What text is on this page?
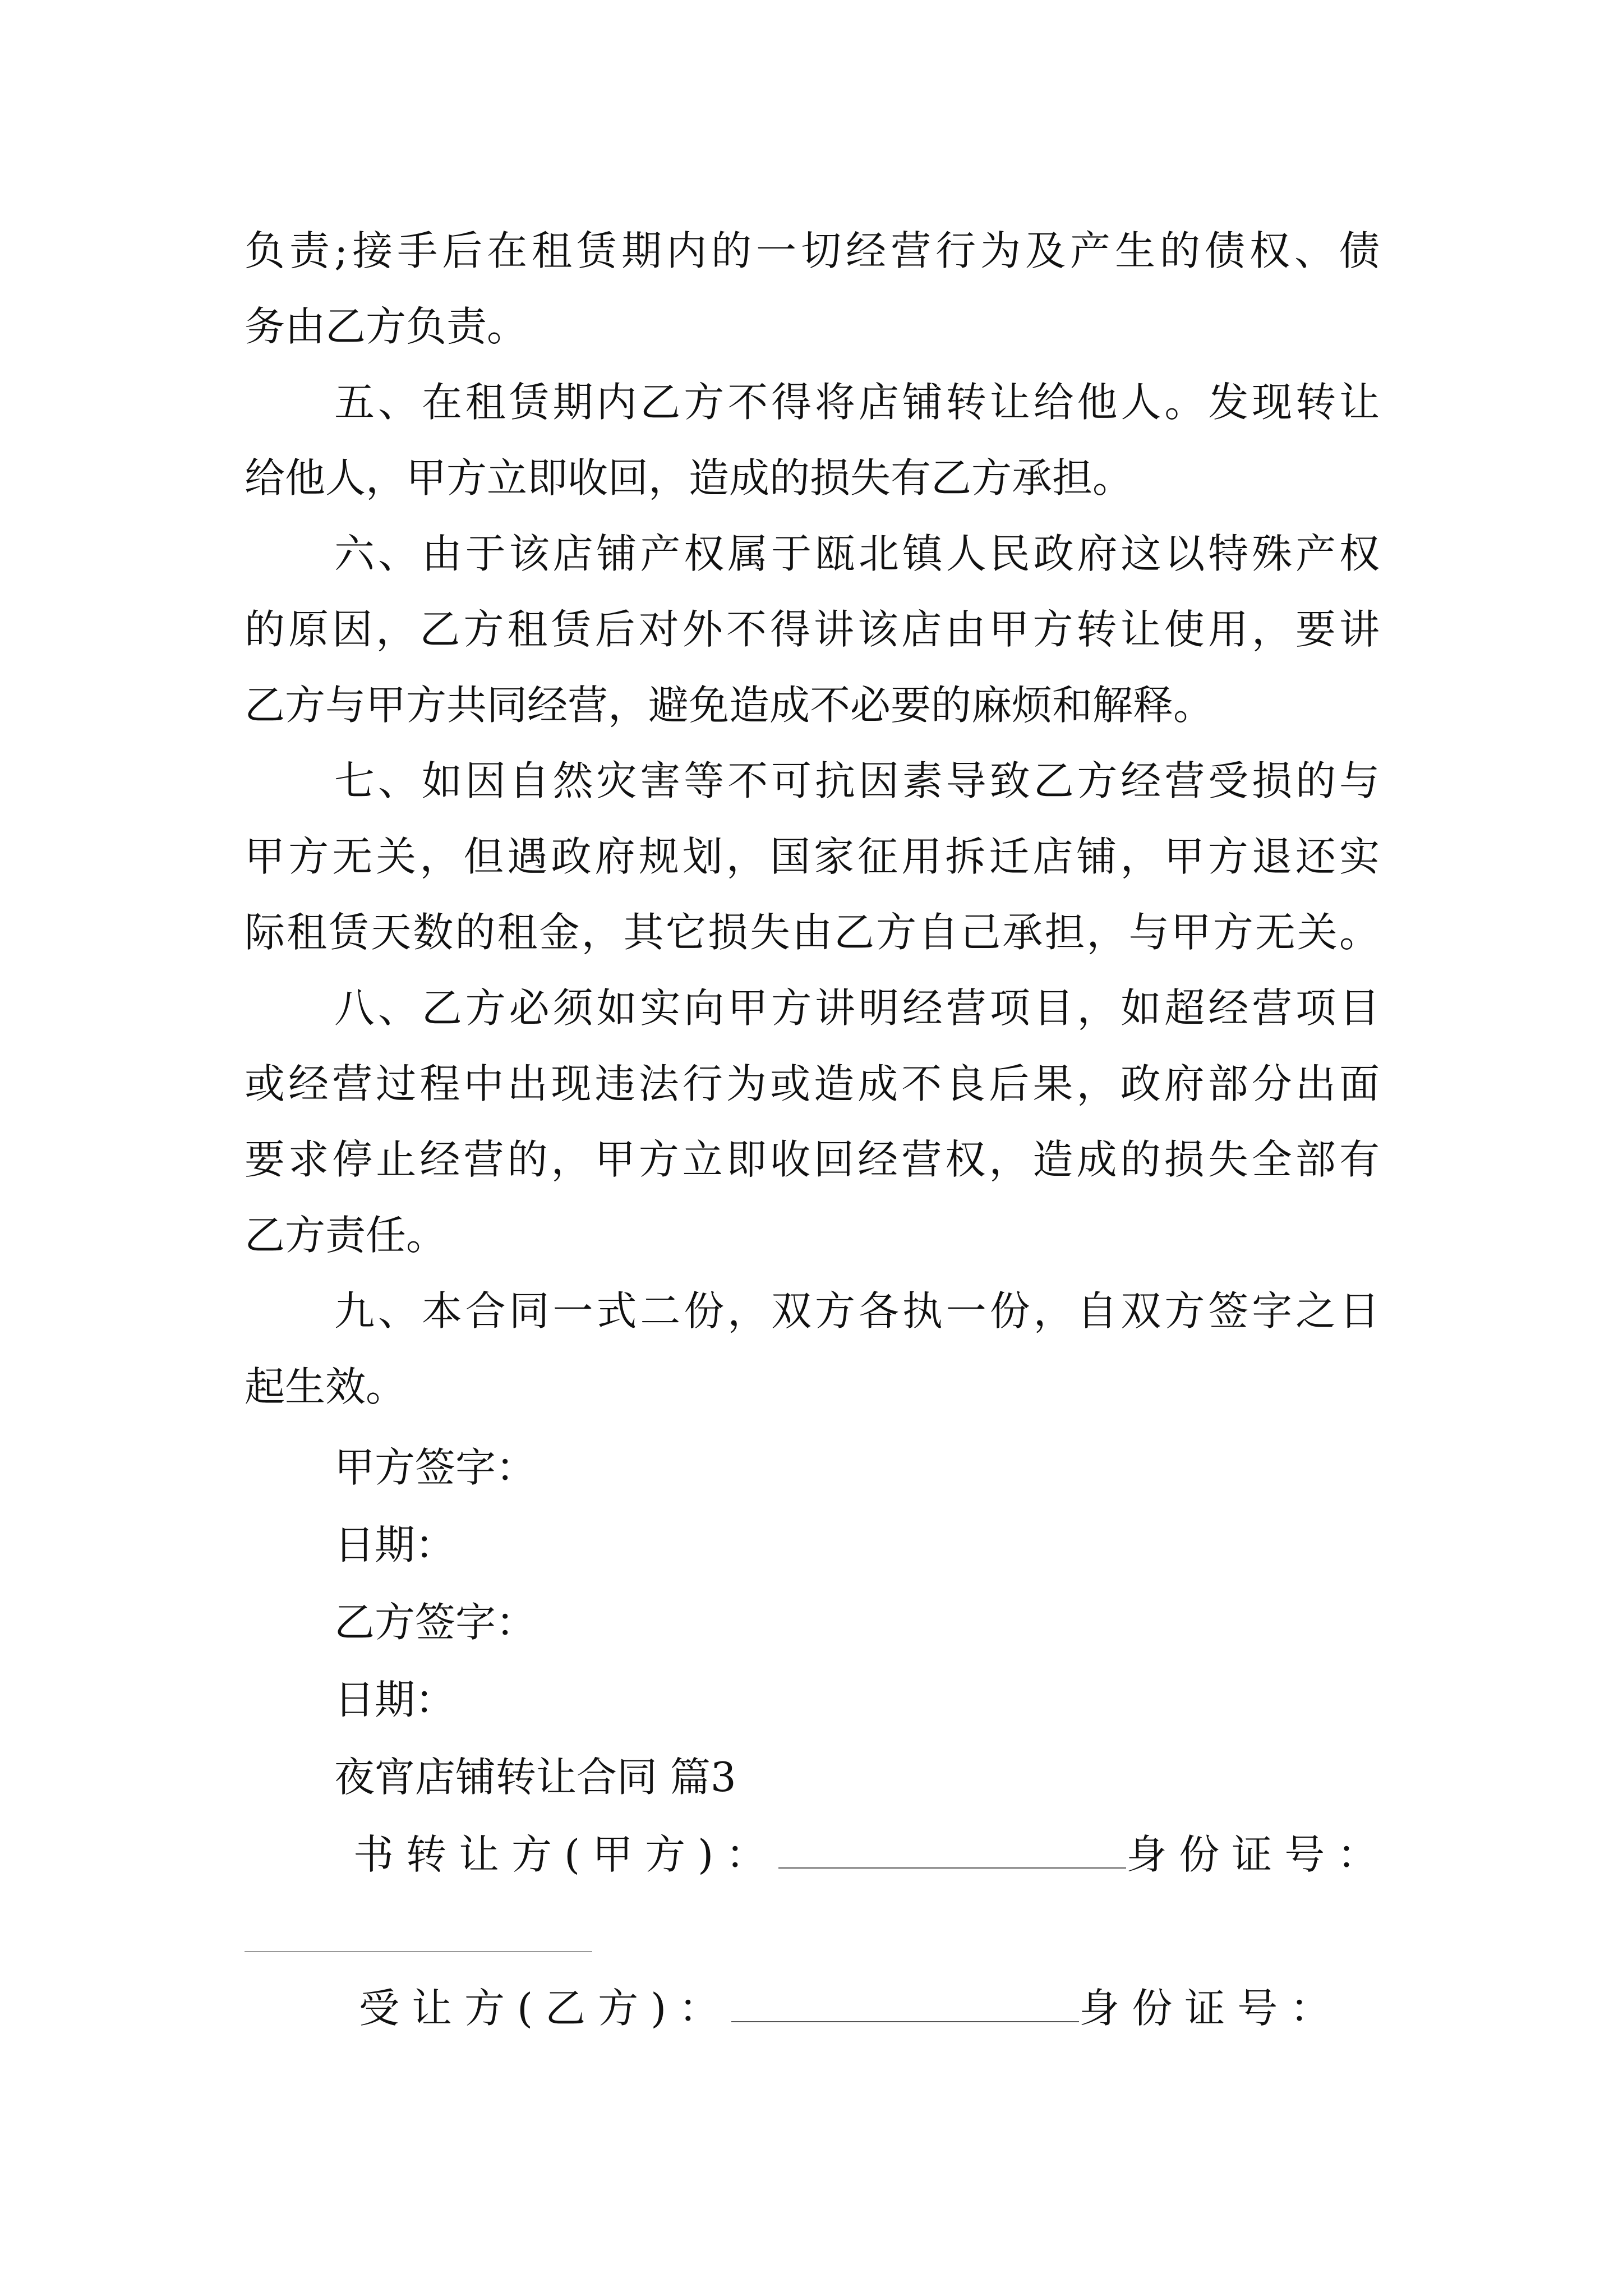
负责;接手后在租赁期内的一切经营行为及产生的债权、债
务由乙方负责。
五、在租赁期内乙方不得将店铺转让给他人。发现转让
给他人，甲方立即收回，造成的损失有乙方承担。
六、由于该店铺产权属于瓯北镇人民政府这以特殊产权
的原因，乙方租赁后对外不得讲该店由甲方转让使用，要讲
乙方与甲方共同经营，避免造成不必要的麻烦和解释。
七、如因自然灾害等不可抗因素导致乙方经营受损的与
甲方无关，但遇政府规划，国家征用拆迁店铺，甲方退还实
际租赁天数的租金，其它损失由乙方自己承担，与甲方无关。
八、乙方必须如实向甲方讲明经营项目，如超经营项目
或经营过程中出现违法行为或造成不良后果，政府部分出面
要求停止经营的，甲方立即收回经营权，造成的损失全部有
乙方责任。
九、本合同一式二份，双方各执一份，自双方签字之日
起生效。
甲方签字：
日期：
乙方签字：
日期：
夜宵店铺转让合同 篇3
书转让方(甲方)：	身份证号：
受让方(乙方)：	身份证号：
